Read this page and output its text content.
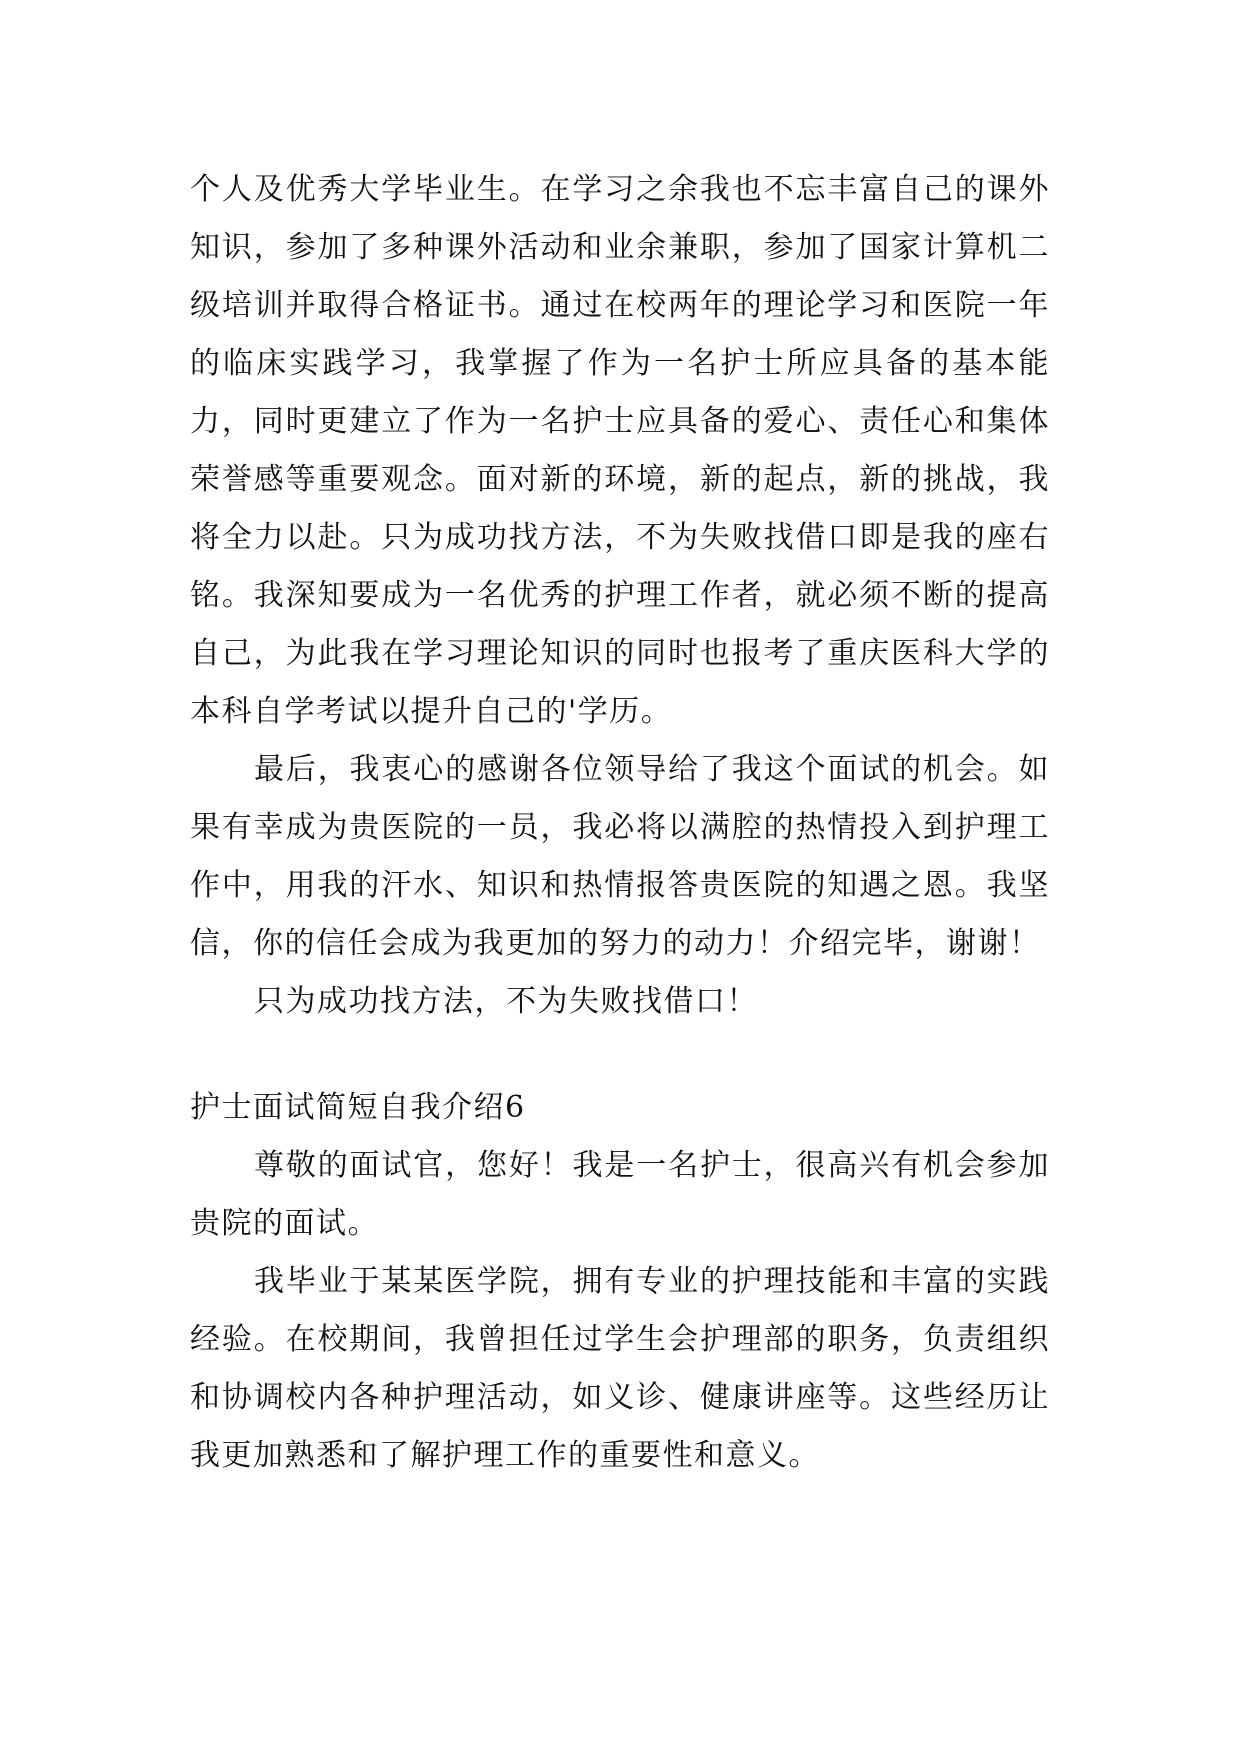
个人及优秀大学毕业生。在学习之余我也不忘丰富自己的课外知识，参加了多种课外活动和业余兼职，参加了国家计算机二级培训并取得合格证书。通过在校两年的理论学习和医院一年的临床实践学习，我掌握了作为一名护士所应具备的基本能力，同时更建立了作为一名护士应具备的爱心、责任心和集体荣誉感等重要观念。面对新的环境，新的起点，新的挑战，我将全力以赴。只为成功找方法，不为失败找借口即是我的座右铭。我深知要成为一名优秀的护理工作者，就必须不断的提高自己，为此我在学习理论知识的同时也报考了重庆医科大学的本科自学考试以提升自己的'学历。

最后，我衷心的感谢各位领导给了我这个面试的机会。如果有幸成为贵医院的一员，我必将以满腔的热情投入到护理工作中，用我的汗水、知识和热情报答贵医院的知遇之恩。我坚信，你的信任会成为我更加的努力的动力！介绍完毕，谢谢！

只为成功找方法，不为失败找借口！

护士面试简短自我介绍6

尊敬的面试官，您好！我是一名护士，很高兴有机会参加贵院的面试。

我毕业于某某医学院，拥有专业的护理技能和丰富的实践经验。在校期间，我曾担任过学生会护理部的职务，负责组织和协调校内各种护理活动，如义诊、健康讲座等。这些经历让我更加熟悉和了解护理工作的重要性和意义。
